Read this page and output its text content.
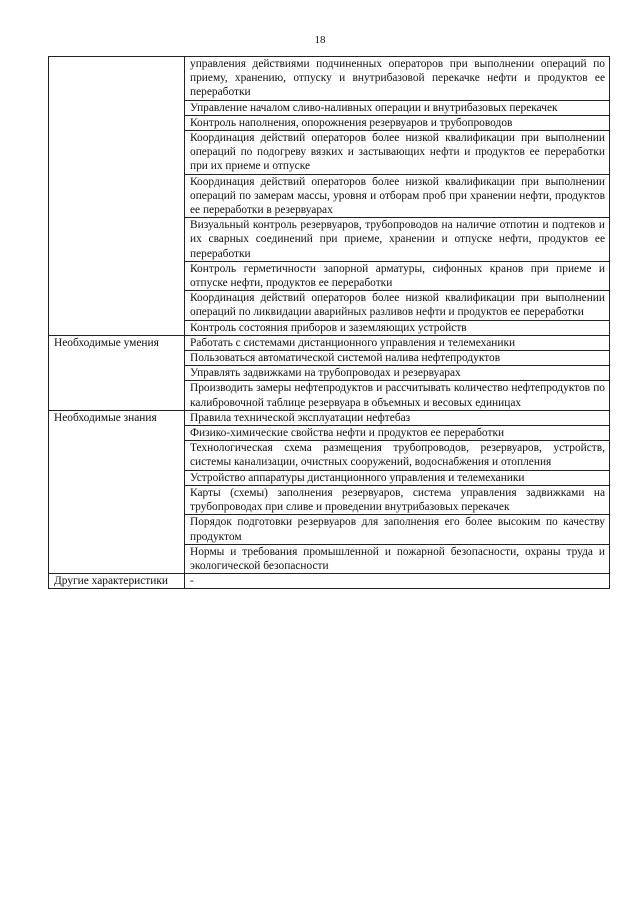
18
	управления действиями подчиненных операторов при выполнении операций по приему, хранению, отпуску и внутрибазовой перекачке нефти и продуктов ее переработки
	Управление началом сливо-наливных операции и внутрибазовых перекачек
	Контроль наполнения, опорожнения резервуаров и трубопроводов
	Координация действий операторов более низкой квалификации при выполнении операций по подогреву вязких и застывающих нефти и продуктов ее переработки при их приеме и отпуске
	Координация действий операторов более низкой квалификации при выполнении операций по замерам массы, уровня и отборам проб при хранении нефти, продуктов ее переработки в резервуарах
	Визуальный контроль резервуаров, трубопроводов на наличие отпотин и подтеков и их сварных соединений при приеме, хранении и отпуске нефти, продуктов ее переработки
	Контроль герметичности запорной арматуры, сифонных кранов при приеме и отпуске нефти, продуктов ее переработки
	Координация действий операторов более низкой квалификации при выполнении операций по ликвидации аварийных разливов нефти и продуктов ее переработки
	Контроль состояния приборов и заземляющих устройств
Необходимые умения	Работать с системами дистанционного управления и телемеханики
	Пользоваться автоматической системой налива нефтепродуктов
	Управлять задвижками на трубопроводах и резервуарах
	Производить замеры нефтепродуктов и рассчитывать количество нефтепродуктов по калибровочной таблице резервуара в объемных и весовых единицах
Необходимые знания	Правила технической эксплуатации нефтебаз
	Физико-химические свойства нефти и продуктов ее переработки
	Технологическая схема размещения трубопроводов, резервуаров, устройств, системы канализации, очистных сооружений, водоснабжения и отопления
	Устройство аппаратуры дистанционного управления и телемеханики
	Карты (схемы) заполнения резервуаров, система управления задвижками на трубопроводах при сливе и проведении внутрибазовых перекачек
	Порядок подготовки резервуаров для заполнения его более высоким по качеству продуктом
	Нормы и требования промышленной и пожарной безопасности, охраны труда и экологической безопасности
Другие характеристики	-
